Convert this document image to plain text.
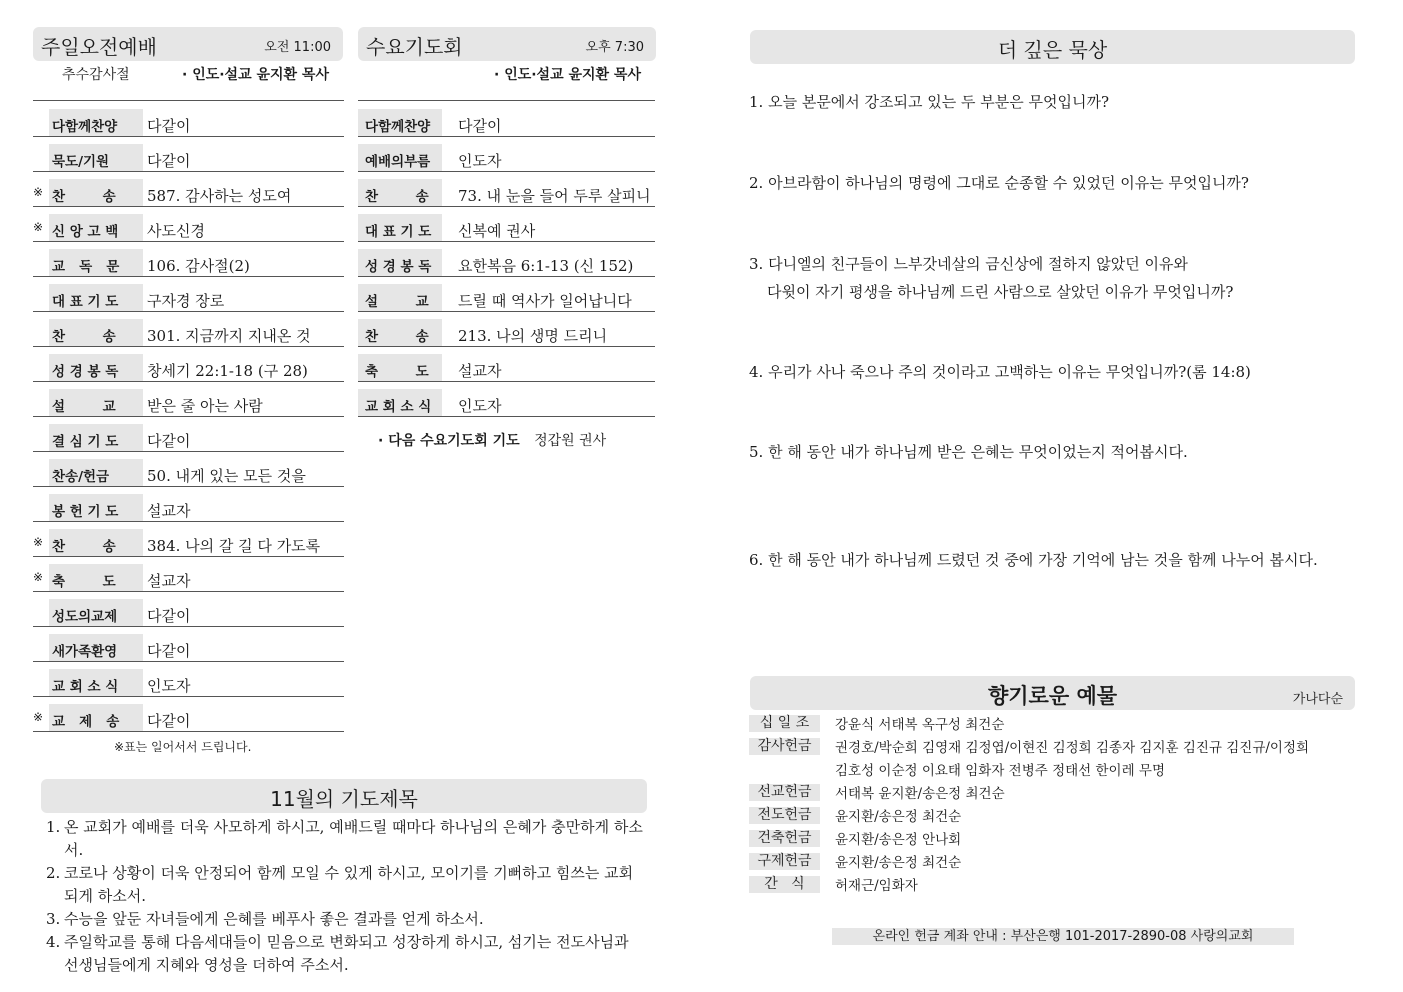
주일오전예배	오전 11:00
추수감사절	· 인도·설교 윤지환 목사
다함께찬양	다같이
묵도/기원	다같이
※ 찬        송	587. 감사하는 성도여
※ 신 앙 고 백	사도신경
교   독   문	106. 감사절(2)
대 표 기 도	구자경 장로
찬        송	301. 지금까지 지내온 것
성 경 봉 독	창세기 22:1-18 (구 28)
설        교	받은 줄 아는 사람
결 심 기 도	다같이
찬송/헌금	50. 내게 있는 모든 것을
봉 헌 기 도	설교자
※ 찬        송	384. 나의 갈 길 다 가도록
※ 축        도	설교자
성도의교제	다같이
새가족환영	다같이
교 회 소 식	인도자
※ 교   제   송	다같이
※표는 일어서서 드립니다.
수요기도회	오후 7:30
· 인도·설교 윤지환 목사
다함께찬양	다같이
예배의부름	인도자
찬        송	73. 내 눈을 들어 두루 살피니
대 표 기 도	신복예 권사
성 경 봉 독	요한복음 6:1-13 (신 152)
설        교	드릴 때 역사가 일어납니다
찬        송	213. 나의 생명 드리니
축        도	설교자
교 회 소 식	인도자
· 다음 수요기도회 기도 정갑원 권사
11월의 기도제목
1. 온 교회가 예배를 더욱 사모하게 하시고, 예배드릴 때마다 하나님의 은혜가 충만하게 하소서.
2. 코로나 상황이 더욱 안정되어 함께 모일 수 있게 하시고, 모이기를 기뻐하고 힘쓰는 교회 되게 하소서.
3. 수능을 앞둔 자녀들에게 은혜를 베푸사 좋은 결과를 얻게 하소서.
4. 주일학교를 통해 다음세대들이 믿음으로 변화되고 성장하게 하시고, 섬기는 전도사님과 선생님들에게 지혜와 영성을 더하여 주소서.
더 깊은 묵상
1. 오늘 본문에서 강조되고 있는 두 부분은 무엇입니까?
2. 아브라함이 하나님의 명령에 그대로 순종할 수 있었던 이유는 무엇입니까?
3. 다니엘의 친구들이 느부갓네살의 금신상에 절하지 않았던 이유와
다윗이 자기 평생을 하나님께 드린 사람으로 살았던 이유가 무엇입니까?
4. 우리가 사나 죽으나 주의 것이라고 고백하는 이유는 무엇입니까?(롬 14:8)
5. 한 해 동안 내가 하나님께 받은 은혜는 무엇이었는지 적어봅시다.
6. 한 해 동안 내가 하나님께 드렸던 것 중에 가장 기억에 남는 것을 함께 나누어 봅시다.
향기로운 예물	가나다순
십 일 조	강윤식 서태복 옥구성 최건순
감사헌금	권경호/박순희 김영재 김정엽/이현진 김정희 김종자 김지훈 김진규 김진규/이정희
김호성 이순정 이요태 임화자 전병주 정태선 한이레 무명
선교헌금	서태복 윤지환/송은정 최건순
전도헌금	윤지환/송은정 최건순
건축헌금	윤지환/송은정 안나회
구제헌금	윤지환/송은정 최건순
간   식	허재근/임화자
온라인 헌금 계좌 안내 : 부산은행 101-2017-2890-08 사랑의교회
